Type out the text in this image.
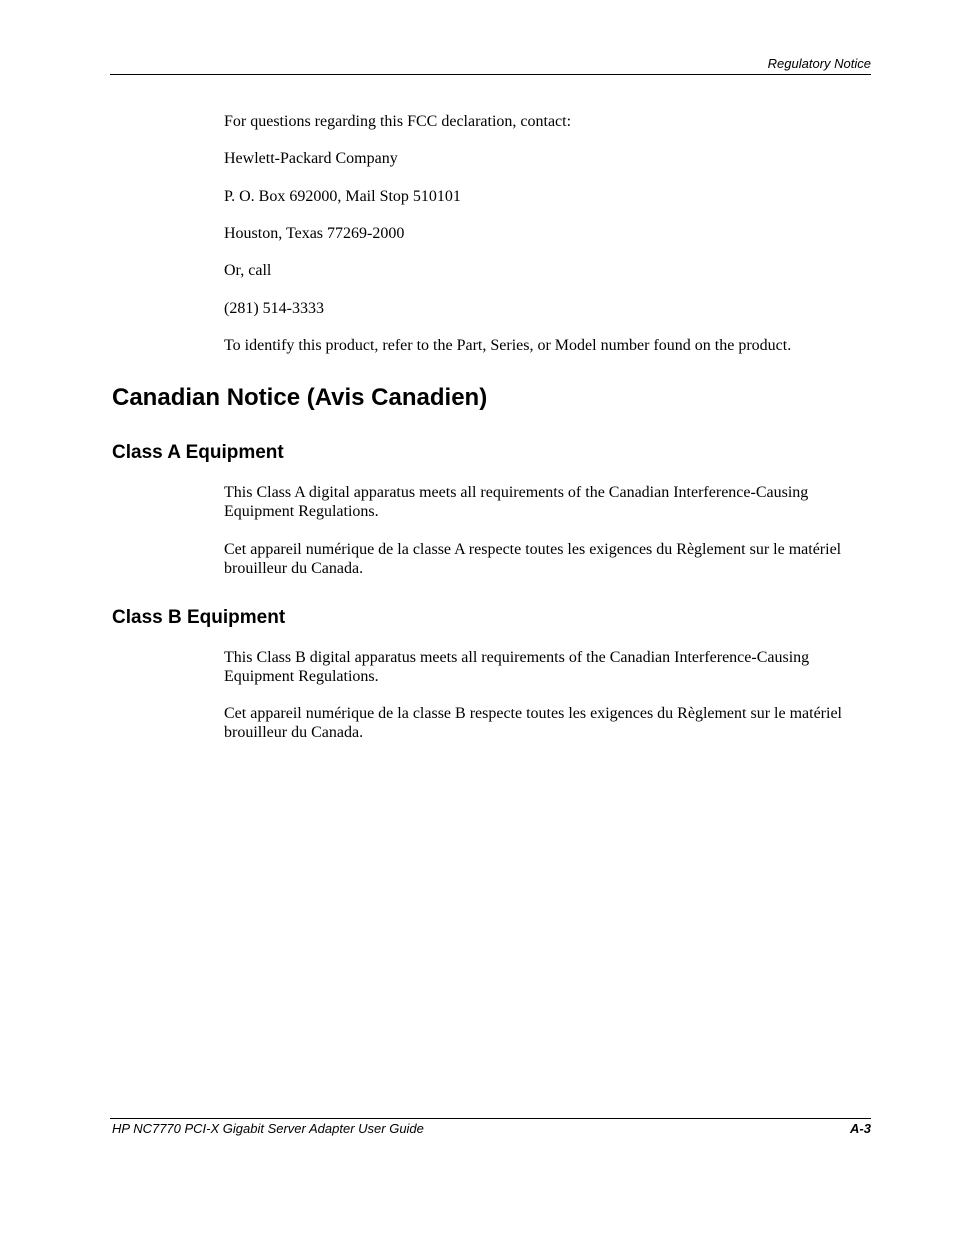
Regulatory Notice

For questions regarding this FCC declaration, contact:

Hewlett-Packard Company

P. O. Box 692000, Mail Stop 510101

Houston, Texas 77269-2000

Or, call

(281) 514-3333

To identify this product, refer to the Part, Series, or Model number found on the product.

Canadian Notice (Avis Canadien)
Class A Equipment

This Class A digital apparatus meets all requirements of the Canadian Interference-Causing Equipment Regulations.

Cet appareil numérique de la classe A respecte toutes les exigences du Règlement sur le matériel brouilleur du Canada.

Class B Equipment

This Class B digital apparatus meets all requirements of the Canadian Interference-Causing Equipment Regulations.

Cet appareil numérique de la classe B respecte toutes les exigences du Règlement sur le matériel brouilleur du Canada.

HP NC7770 PCI-X Gigabit Server Adapter User Guide	A-3
